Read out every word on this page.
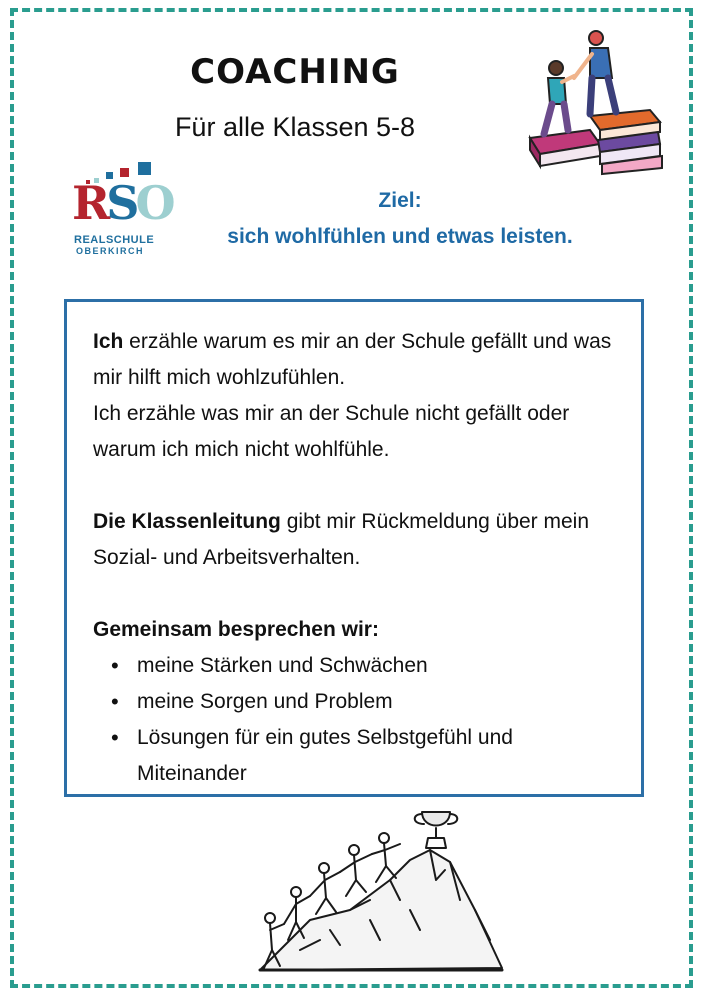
COACHING
Für alle Klassen 5-8
RSO
REALSCHULE
OBERKIRCH
Ziel:
sich wohlfühlen und etwas leisten.

Ich erzähle warum es mir an der Schule gefällt und was mir hilft mich wohlzufühlen.

Ich erzähle was mir an der Schule nicht gefällt oder warum ich mich nicht wohlfühle.

Die Klassenleitung gibt mir Rückmeldung über mein Sozial- und Arbeitsverhalten.

Gemeinsam besprechen wir:

• meine Stärken und Schwächen
• meine Sorgen und Problem
• Lösungen für ein gutes Selbstgefühl und Miteinander
